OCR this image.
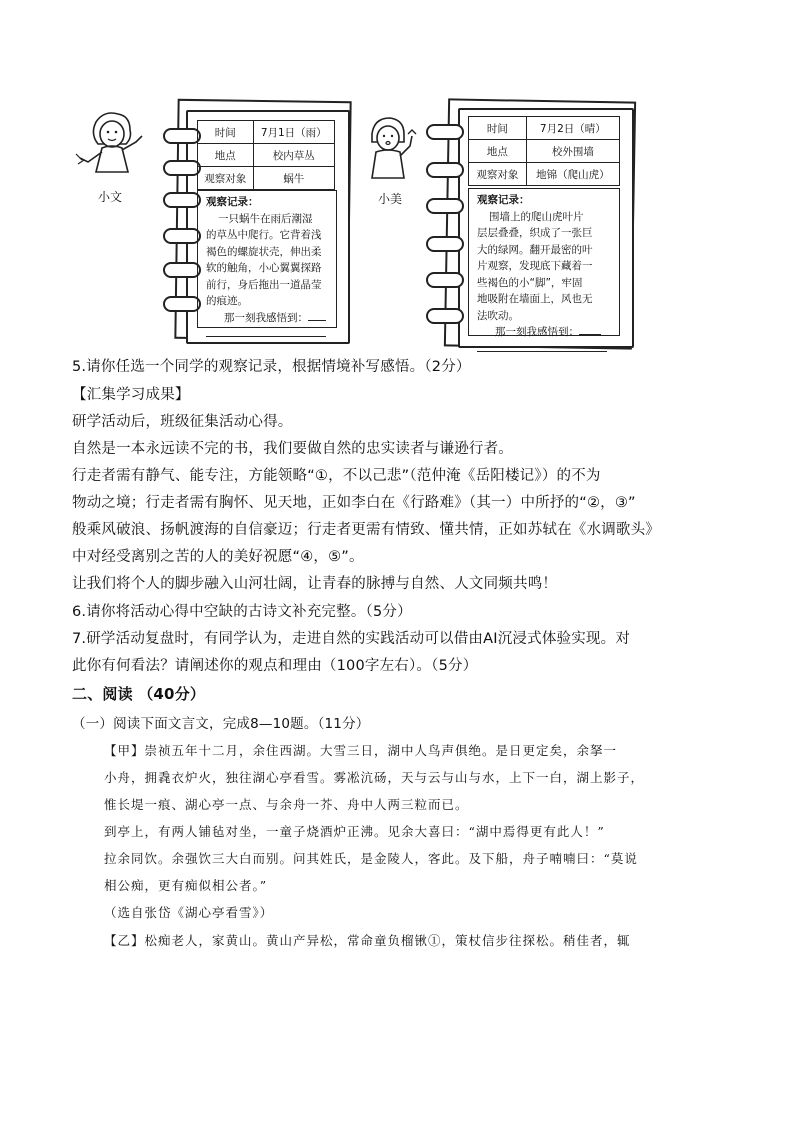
小文
时间	7月1日（雨）
地点	校内草丛
观察对象	蜗牛
观察记录：
一只蜗牛在雨后潮湿
的草丛中爬行。它背着浅
褐色的螺旋状壳，伸出柔
软的触角，小心翼翼探路
前行，身后拖出一道晶莹
的痕迹。
那一刻我感悟到：
小美
时间	7月2日（晴）
地点	校外围墙
观察对象	地锦（爬山虎）
观察记录：
围墙上的爬山虎叶片
层层叠叠，织成了一张巨
大的绿网。翻开最密的叶
片观察，发现底下藏着一
些褐色的小“脚”，牢固
地吸附在墙面上，风也无
法吹动。
那一刻我感悟到：
5.请你任选一个同学的观察记录，根据情境补写感悟。（2分）
【汇集学习成果】
研学活动后，班级征集活动心得。
自然是一本永远读不完的书，我们要做自然的忠实读者与谦逊行者。
行走者需有静气、能专注，方能领略“①，不以己悲”（范仲淹《岳阳楼记》）的不为
物动之境；行走者需有胸怀、见天地，正如李白在《行路难》（其一）中所抒的“②，③”
般乘风破浪、扬帆渡海的自信豪迈；行走者更需有情致、懂共情，正如苏轼在《水调歌头》
中对经受离别之苦的人的美好祝愿“④，⑤”。
让我们将个人的脚步融入山河壮阔，让青春的脉搏与自然、人文同频共鸣！
6.请你将活动心得中空缺的古诗文补充完整。（5分）
7.研学活动复盘时，有同学认为，走进自然的实践活动可以借由AI沉浸式体验实现。对
此你有何看法？请阐述你的观点和理由（100字左右）。（5分）
二、阅读 （40分）
（一）阅读下面文言文，完成8—10题。（11分）
【甲】崇祯五年十二月，余住西湖。大雪三日，湖中人鸟声俱绝。是日更定矣，余拏一
小舟，拥毳衣炉火，独往湖心亭看雪。雾凇沆砀，天与云与山与水，上下一白，湖上影子，
惟长堤一痕、湖心亭一点、与余舟一芥、舟中人两三粒而已。
到亭上，有两人铺毡对坐，一童子烧酒炉正沸。见余大喜曰：“湖中焉得更有此人！”
拉余同饮。余强饮三大白而别。问其姓氏，是金陵人，客此。及下船，舟子喃喃曰：“莫说
相公痴，更有痴似相公者。”
（选自张岱《湖心亭看雪》）
【乙】松痴老人，家黄山。黄山产异松，常命童负榴锹①，策杖信步往探松。稍佳者，辄
